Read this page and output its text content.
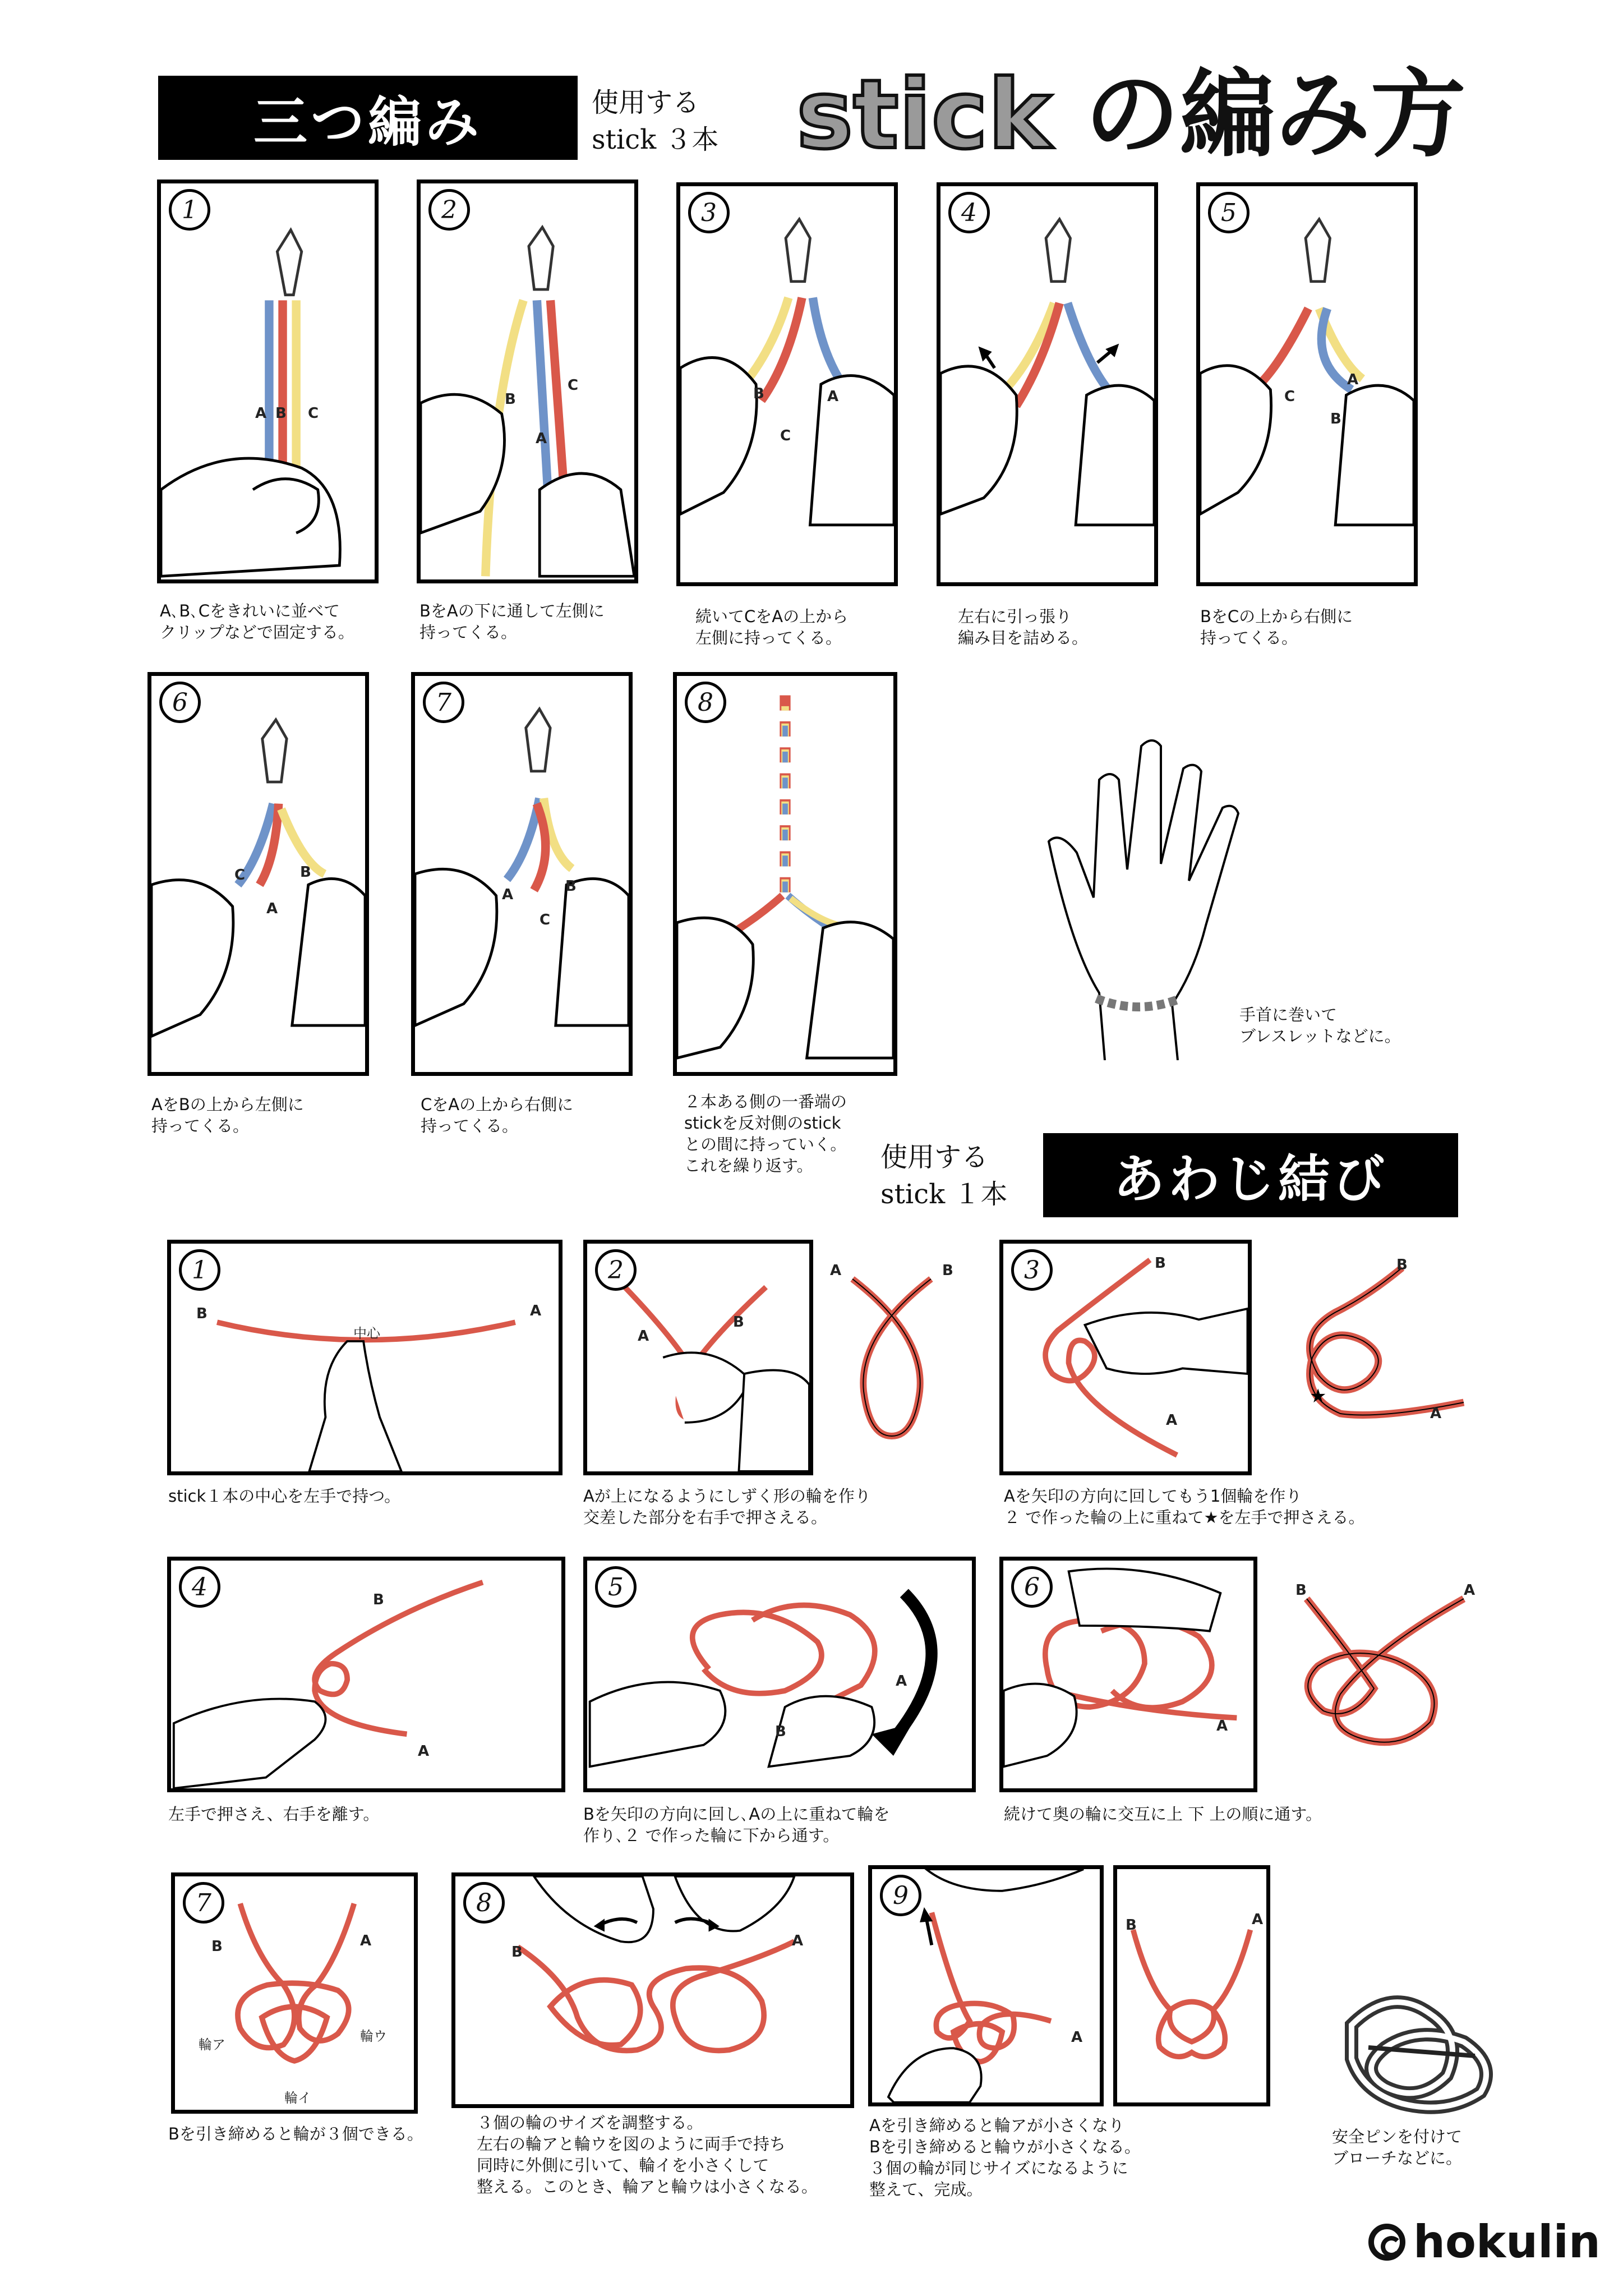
三つ編み	使用する
stick ３本 stick の編み方
1
A B C
A､B､Cをきれいに並べて
クリップなどで固定する。
2
B
C
A
BをAの下に通して左側に
持ってくる。
3
B	A
C
続いてCをAの上から
左側に持ってくる。
4
左右に引っ張り
編み目を詰める。
5
A
C
B
BをCの上から右側に
持ってくる。
6
C	B
A
AをBの上から左側に
持ってくる。
7
A	B
C
CをAの上から右側に
持ってくる。
8
２本ある側の一番端の
stickを反対側のstick
との間に持っていく。
これを繰り返す。
手首に巻いて
ブレスレットなどに。
使用する
stick １本	あわじ結び
1
B	A
中心
stick１本の中心を左手で持つ。
2
A
B
A	B
Aが上になるようにしずく形の輪を作り
交差した部分を右手で押さえる。
3	B
A
★
B
A
Aを矢印の方向に回してもう1個輪を作り
２ で作った輪の上に重ねて★を左手で押さえる。
4	B
A
左手で押さえ、右手を離す。
5
A
B
Bを矢印の方向に回し､Aの上に重ねて輪を
作り､２ で作った輪に下から通す。
6
A
B	A
続けて奥の輪に交互に上 下 上の順に通す。
7
B	A
輪ア
輪ウ
輪イ
Bを引き締めると輪が３個できる。
8
B
A
３個の輪のサイズを調整する。
左右の輪アと輪ウを図のように両手で持ち
同時に外側に引いて、輪イを小さくして
整える。このとき、輪アと輪ウは小さくなる。
9
A
B	A
Aを引き締めると輪アが小さくなり
Bを引き締めると輪ウが小さくなる。
３個の輪が同じサイズになるように
整えて、完成。
安全ピンを付けて
ブローチなどに。
hokulin
